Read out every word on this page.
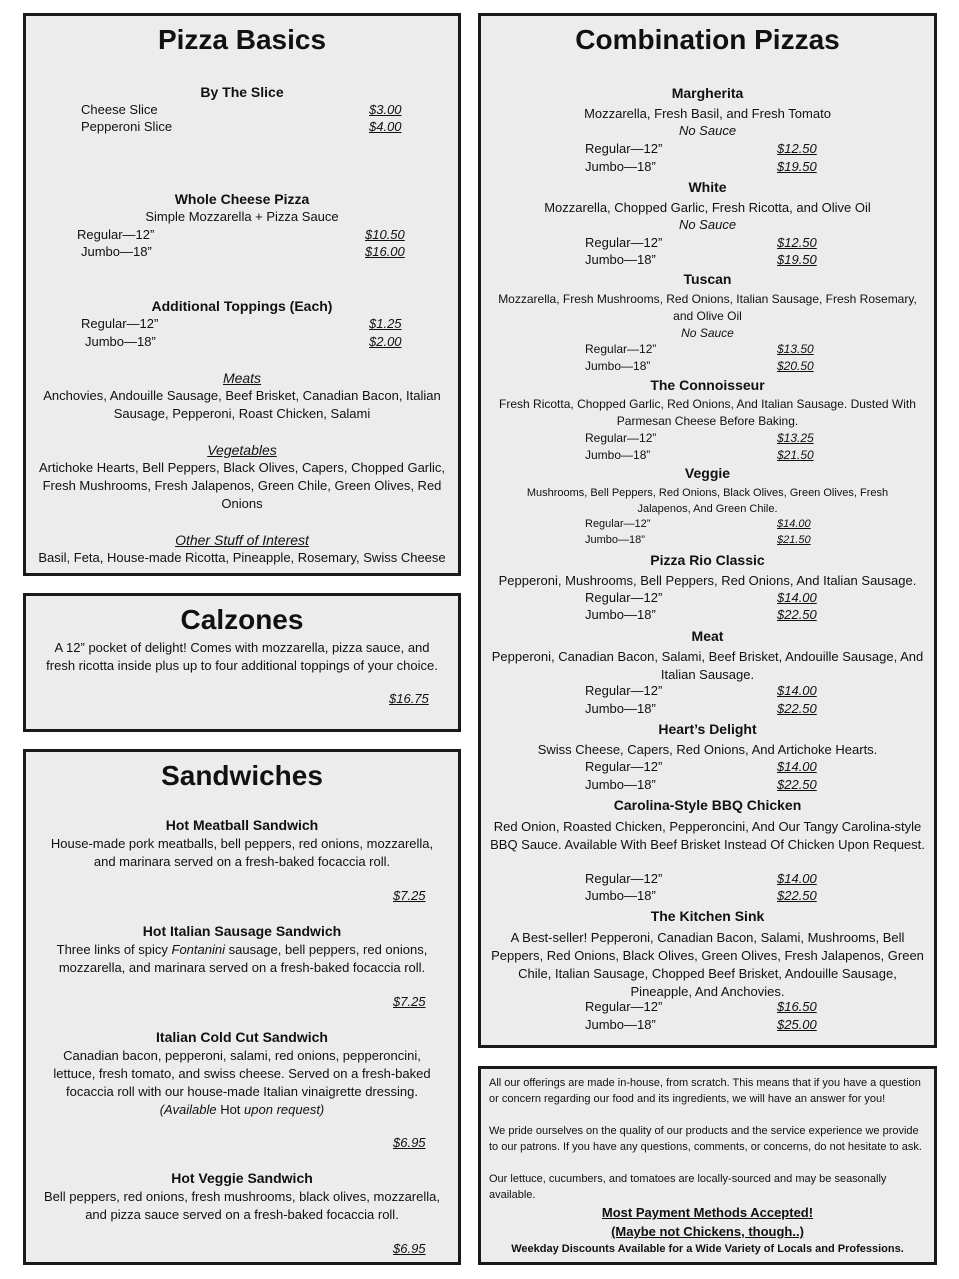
Pizza Basics
By The Slice
Cheese Slice	$3.00
Pepperoni Slice	$4.00
Whole Cheese Pizza
Simple Mozzarella + Pizza Sauce
Regular—12”	$10.50
Jumbo—18”	$16.00
Additional Toppings (Each)
Regular—12”	$1.25
Jumbo—18”	$2.00
Meats
Anchovies, Andouille Sausage, Beef Brisket, Canadian Bacon, Italian
Sausage, Pepperoni, Roast Chicken, Salami
Vegetables
Artichoke Hearts, Bell Peppers, Black Olives, Capers, Chopped Garlic,
Fresh Mushrooms, Fresh Jalapenos, Green Chile, Green Olives, Red
Onions
Other Stuff of Interest
Basil, Feta, House-made Ricotta, Pineapple, Rosemary, Swiss Cheese
Calzones
A 12” pocket of delight! Comes with mozzarella, pizza sauce, and
fresh ricotta inside plus up to four additional toppings of your choice.
$16.75
Sandwiches
Hot Meatball Sandwich
House-made pork meatballs, bell peppers, red onions, mozzarella,
and marinara served on a fresh-baked focaccia roll.
$7.25
Hot Italian Sausage Sandwich
Three links of spicy Fontanini sausage, bell peppers, red onions,
mozzarella, and marinara served on a fresh-baked focaccia roll.
$7.25
Italian Cold Cut Sandwich
Canadian bacon, pepperoni, salami, red onions, pepperoncini,
lettuce, fresh tomato, and swiss cheese. Served on a fresh-baked
focaccia roll with our house-made Italian vinaigrette dressing.
(Available Hot upon request)
$6.95
Hot Veggie Sandwich
Bell peppers, red onions, fresh mushrooms, black olives, mozzarella,
and pizza sauce served on a fresh-baked focaccia roll.
$6.95
Combination Pizzas
Margherita
Mozzarella, Fresh Basil, and Fresh Tomato
No Sauce
Regular—12”	$12.50
Jumbo—18”	$19.50
White
Mozzarella, Chopped Garlic, Fresh Ricotta, and Olive Oil
No Sauce
Regular—12”	$12.50
Jumbo—18”	$19.50
Tuscan
Mozzarella, Fresh Mushrooms, Red Onions, Italian Sausage, Fresh Rosemary, and Olive Oil
No Sauce
Regular—12”	$13.50
Jumbo—18”	$20.50
The Connoisseur
Fresh Ricotta, Chopped Garlic, Red Onions, And Italian Sausage. Dusted With Parmesan Cheese Before Baking.
Regular—12”	$13.25
Jumbo—18”	$21.50
Veggie
Mushrooms, Bell Peppers, Red Onions, Black Olives, Green Olives, Fresh Jalapenos, And Green Chile.
Regular—12”	$14.00
Jumbo—18”	$21.50
Pizza Rio Classic
Pepperoni, Mushrooms, Bell Peppers, Red Onions, And Italian Sausage.
Regular—12”	$14.00
Jumbo—18”	$22.50
Meat
Pepperoni, Canadian Bacon, Salami, Beef Brisket, Andouille Sausage, And Italian Sausage.
Regular—12”	$14.00
Jumbo—18”	$22.50
Heart’s Delight
Swiss Cheese, Capers, Red Onions, And Artichoke Hearts.
Regular—12”	$14.00
Jumbo—18”	$22.50
Carolina-Style BBQ Chicken
Red Onion, Roasted Chicken, Pepperoncini, And Our Tangy Carolina-style BBQ Sauce. Available With Beef Brisket Instead Of Chicken Upon Request.
Regular—12”	$14.00
Jumbo—18”	$22.50
The Kitchen Sink
A Best-seller! Pepperoni, Canadian Bacon, Salami, Mushrooms, Bell Peppers, Red Onions, Black Olives, Green Olives, Fresh Jalapenos, Green Chile, Italian Sausage, Chopped Beef Brisket, Andouille Sausage, Pineapple, And Anchovies.
Regular—12”	$16.50
Jumbo—18”	$25.00
All our offerings are made in-house, from scratch. This means that if you have a question or concern regarding our food and its ingredients, we will have an answer for you!
We pride ourselves on the quality of our products and the service experience we provide to our patrons. If you have any questions, comments, or concerns, do not hesitate to ask.
Our lettuce, cucumbers, and tomatoes are locally-sourced and may be seasonally available.
Most Payment Methods Accepted!
(Maybe not Chickens, though..)
Weekday Discounts Available for a Wide Variety of Locals and Professions.
